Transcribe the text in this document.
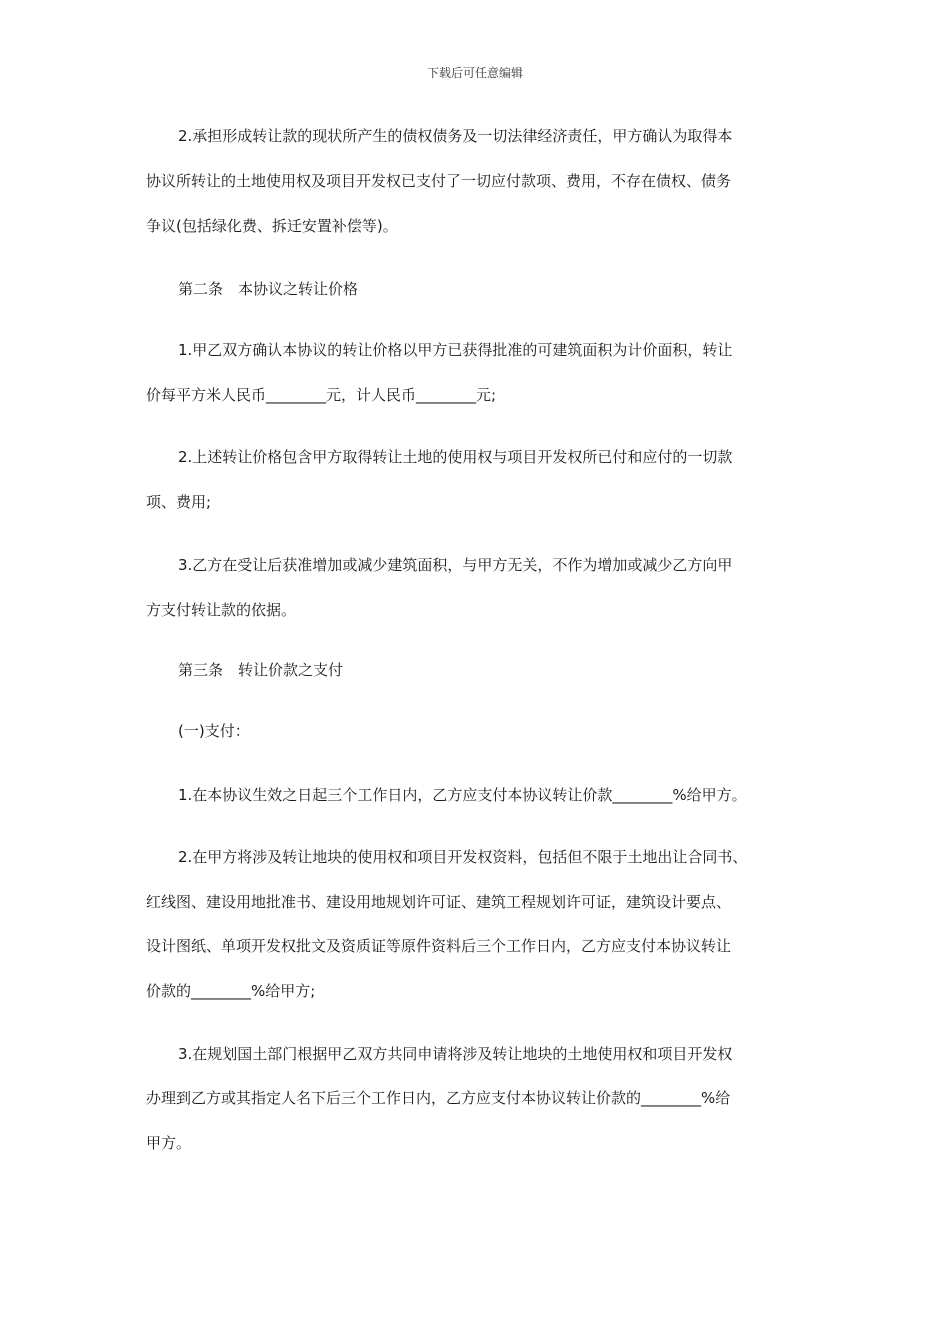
下载后可任意编辑
2.承担形成转让款的现状所产生的债权债务及一切法律经济责任，甲方确认为取得本
协议所转让的土地使用权及项目开发权已支付了一切应付款项、费用，不存在债权、债务
争议(包括绿化费、拆迁安置补偿等)。
第二条　本协议之转让价格
1.甲乙双方确认本协议的转让价格以甲方已获得批准的可建筑面积为计价面积，转让
价每平方米人民币________元，计人民币________元;
2.上述转让价格包含甲方取得转让土地的使用权与项目开发权所已付和应付的一切款
项、费用;
3.乙方在受让后获准增加或减少建筑面积，与甲方无关，不作为增加或减少乙方向甲
方支付转让款的依据。
第三条　转让价款之支付
(一)支付：
1.在本协议生效之日起三个工作日内，乙方应支付本协议转让价款________%给甲方。
2.在甲方将涉及转让地块的使用权和项目开发权资料，包括但不限于土地出让合同书、
红线图、建设用地批准书、建设用地规划许可证、建筑工程规划许可证，建筑设计要点、
设计图纸、单项开发权批文及资质证等原件资料后三个工作日内，乙方应支付本协议转让
价款的________%给甲方;
3.在规划国土部门根据甲乙双方共同申请将涉及转让地块的土地使用权和项目开发权
办理到乙方或其指定人名下后三个工作日内，乙方应支付本协议转让价款的________%给
甲方。
